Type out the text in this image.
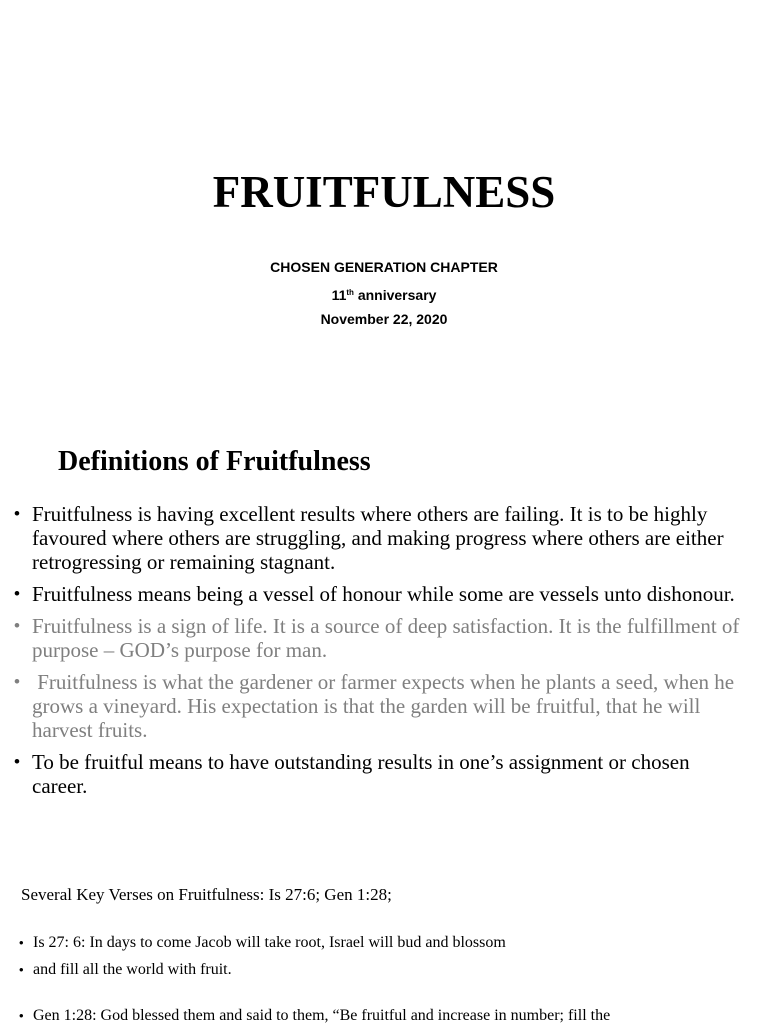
FRUITFULNESS
CHOSEN GENERATION CHAPTER
11th anniversary
November 22, 2020
Definitions of Fruitfulness
• Fruitfulness is having excellent results where others are failing. It is to be highly favoured where others are struggling, and making progress where others are either retrogressing or remaining stagnant.
• Fruitfulness means being a vessel of honour while some are vessels unto dishonour.
• Fruitfulness is a sign of life. It is a source of deep satisfaction. It is the fulfillment of purpose – GOD’s purpose for man.
• Fruitfulness is what the gardener or farmer expects when he plants a seed, when he grows a vineyard. His expectation is that the garden will be fruitful, that he will harvest fruits.
• To be fruitful means to have outstanding results in one’s assignment or chosen career.
Several Key Verses on Fruitfulness: Is 27:6; Gen 1:28;
• Is 27: 6: In days to come Jacob will take root, Israel will bud and blossom
• and fill all the world with fruit.
• Gen 1:28: God blessed them and said to them, “Be fruitful and increase in number; fill the
